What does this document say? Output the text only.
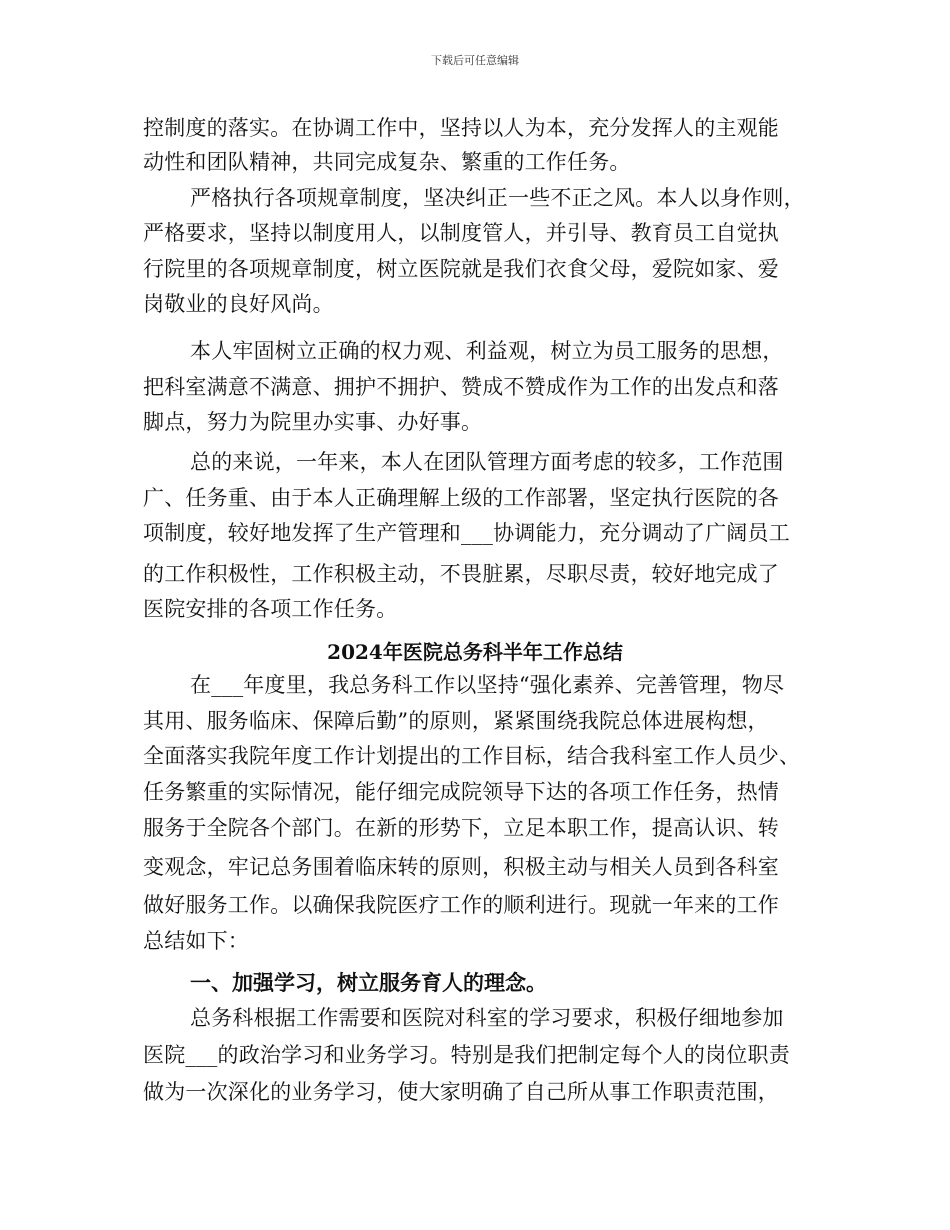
下载后可任意编辑
控制度的落实。在协调工作中，坚持以人为本，充分发挥人的主观能
动性和团队精神，共同完成复杂、繁重的工作任务。
严格执行各项规章制度，坚决纠正一些不正之风。本人以身作则，
严格要求，坚持以制度用人，以制度管人，并引导、教育员工自觉执
行院里的各项规章制度，树立医院就是我们衣食父母，爱院如家、爱
岗敬业的良好风尚。
本人牢固树立正确的权力观、利益观，树立为员工服务的思想，
把科室满意不满意、拥护不拥护、赞成不赞成作为工作的出发点和落
脚点，努力为院里办实事、办好事。
总的来说，一年来，本人在团队管理方面考虑的较多，工作范围
广、任务重、由于本人正确理解上级的工作部署，坚定执行医院的各
项制度，较好地发挥了生产管理和___协调能力，充分调动了广阔员工
的工作积极性，工作积极主动，不畏脏累，尽职尽责，较好地完成了
医院安排的各项工作任务。
2024年医院总务科半年工作总结
在___年度里，我总务科工作以坚持“强化素养、完善管理，物尽
其用、服务临床、保障后勤”的原则，紧紧围绕我院总体进展构想，
全面落实我院年度工作计划提出的工作目标，结合我科室工作人员少、
任务繁重的实际情况，能仔细完成院领导下达的各项工作任务，热情
服务于全院各个部门。在新的形势下，立足本职工作，提高认识、转
变观念，牢记总务围着临床转的原则，积极主动与相关人员到各科室
做好服务工作。以确保我院医疗工作的顺利进行。现就一年来的工作
总结如下：
一、加强学习，树立服务育人的理念。
总务科根据工作需要和医院对科室的学习要求，积极仔细地参加
医院___的政治学习和业务学习。特别是我们把制定每个人的岗位职责
做为一次深化的业务学习，使大家明确了自己所从事工作职责范围，
